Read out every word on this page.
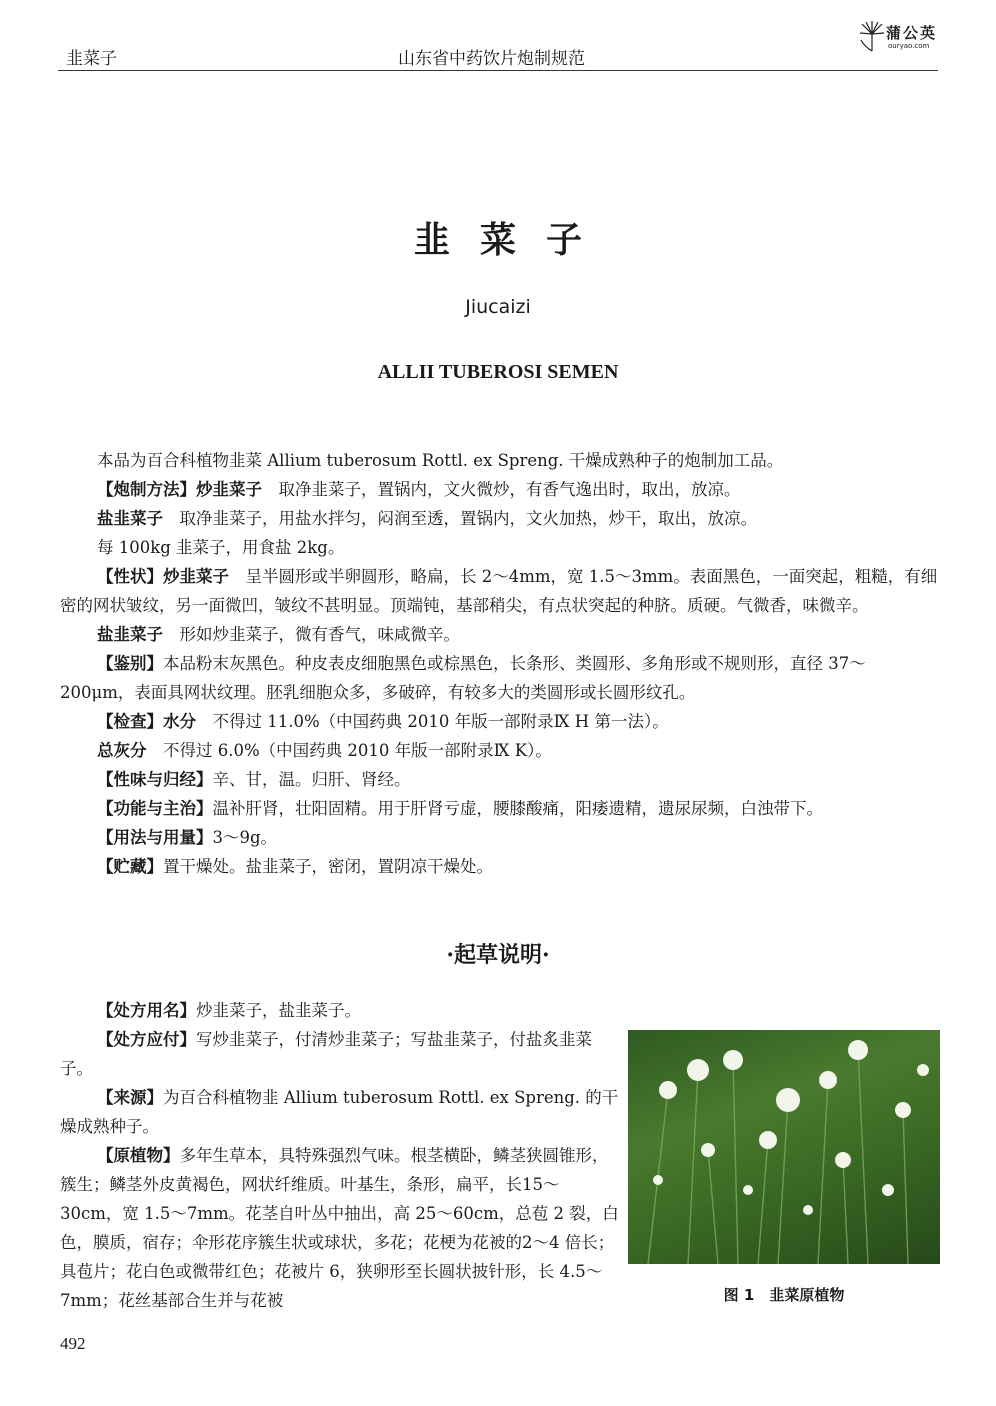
韭菜子	山东省中药饮片炮制规范
蒲公英
ouryao.com
韭菜子
Jiucaizi
ALLII TUBEROSI SEMEN

本品为百合科植物韭菜 Allium tuberosum Rottl. ex Spreng. 干燥成熟种子的炮制加工品。

【炮制方法】炒韭菜子　取净韭菜子，置锅内，文火微炒，有香气逸出时，取出，放凉。

盐韭菜子　取净韭菜子，用盐水拌匀，闷润至透，置锅内，文火加热，炒干，取出，放凉。

每 100kg 韭菜子，用食盐 2kg。

【性状】炒韭菜子　呈半圆形或半卵圆形，略扁，长 2～4mm，宽 1.5～3mm。表面黑色，一面突起，粗糙，有细密的网状皱纹，另一面微凹，皱纹不甚明显。顶端钝，基部稍尖，有点状突起的种脐。质硬。气微香，味微辛。

盐韭菜子　形如炒韭菜子，微有香气，味咸微辛。

【鉴别】本品粉末灰黑色。种皮表皮细胞黑色或棕黑色，长条形、类圆形、多角形或不规则形，直径 37～200μm，表面具网状纹理。胚乳细胞众多，多破碎，有较多大的类圆形或长圆形纹孔。

【检查】水分　不得过 11.0%（中国药典 2010 年版一部附录Ⅸ H 第一法）。

总灰分　不得过 6.0%（中国药典 2010 年版一部附录Ⅸ K）。

【性味与归经】辛、甘，温。归肝、肾经。

【功能与主治】温补肝肾，壮阳固精。用于肝肾亏虚，腰膝酸痛，阳痿遗精，遗尿尿频，白浊带下。

【用法与用量】3～9g。

【贮藏】置干燥处。盐韭菜子，密闭，置阴凉干燥处。

·起草说明·

【处方用名】炒韭菜子，盐韭菜子。

【处方应付】写炒韭菜子，付清炒韭菜子；写盐韭菜子，付盐炙韭菜子。

【来源】为百合科植物韭 Allium tuberosum Rottl. ex Spreng. 的干燥成熟种子。

【原植物】多年生草本，具特殊强烈气味。根茎横卧，鳞茎狭圆锥形，簇生；鳞茎外皮黄褐色，网状纤维质。叶基生，条形，扁平，长15～30cm，宽 1.5～7mm。花茎自叶丛中抽出，高 25～60cm，总苞 2 裂，白色，膜质，宿存；伞形花序簇生状或球状，多花；花梗为花被的2～4 倍长；具苞片；花白色或微带红色；花被片 6，狭卵形至长圆状披针形，长 4.5～7mm；花丝基部合生并与花被	图 1　韭菜原植物
492
